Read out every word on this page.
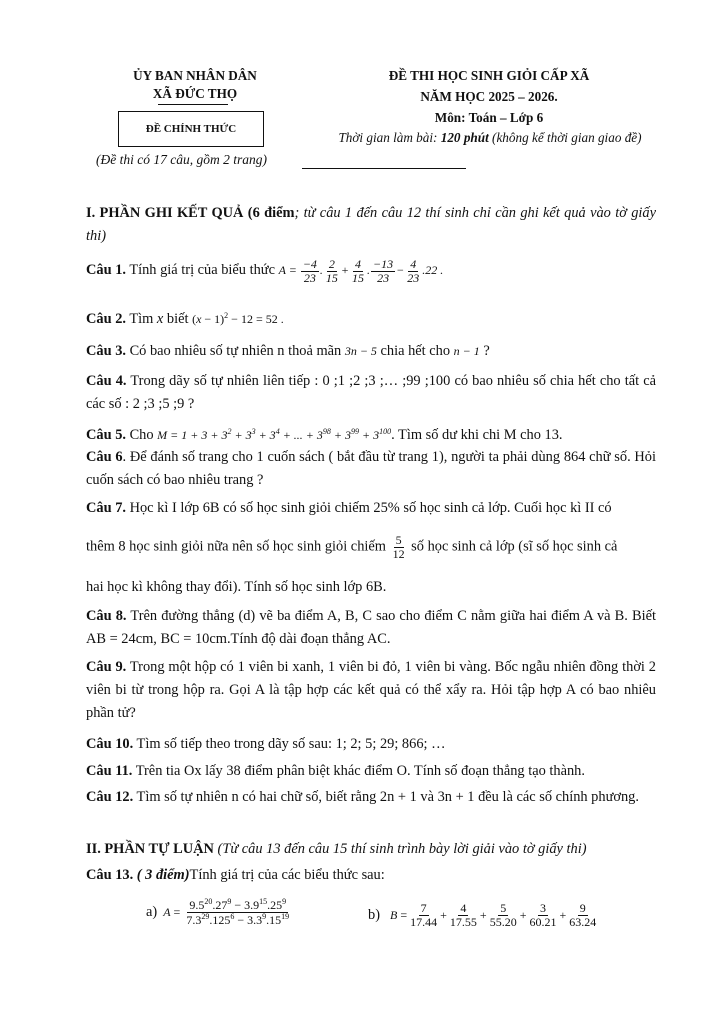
ỦY BAN NHÂN DÂN
XÃ ĐỨC THỌ
ĐỀ CHÍNH THỨC
(Đề thi có 17 câu, gồm 2 trang)
ĐỀ THI HỌC SINH GIỎI CẤP XÃ
NĂM HỌC 2025 – 2026.
Môn: Toán – Lớp 6
Thời gian làm bài: 120 phút (không kể thời gian giao đề)
I. PHẦN GHI KẾT QUẢ (6 điểm; từ câu 1 đến câu 12 thí sinh chỉ cần ghi kết quả vào tờ giấy thi)
Câu 1. Tính giá trị của biểu thức $A = \frac{-4}{23}$ . $\frac{2}{15} + \frac{4}{15}$ . $\frac{-13}{23} - \frac{4}{23} .22$ .
Câu 2. Tìm x biết $(x - 1)^2 - 12 = 52$ .
Câu 3. Có bao nhiêu số tự nhiên n thoả mãn 3n − 5 chia hết cho n − 1 ?
Câu 4. Trong dãy số tự nhiên liên tiếp : 0 ;1 ;2 ;3 ;… ;99 ;100 có bao nhiêu số chia hết cho tất cả các số : 2 ;3 ;5 ;9 ?
Câu 5. Cho $M = 1 + 3 + 3^2 + 3^3 + 3^4$ + ... + $3^{98} + 3^{99} + 3^{100}$. Tìm số dư khi chi M cho 13.
Câu 6. Để đánh số trang cho 1 cuốn sách ( bắt đầu từ trang 1), người ta phải dùng 864 chữ số. Hỏi cuốn sách có bao nhiêu trang ?
Câu 7. Học kì I lớp 6B có số học sinh giỏi chiếm 25% số học sinh cả lớp. Cuối học kì II có
thêm 8 học sinh giỏi nữa nên số học sinh giỏi chiếm $\frac{5}{12}$ số học sinh cả lớp (sĩ số học sinh cả
hai học kì không thay đổi). Tính số học sinh lớp 6B.
Câu 8. Trên đường thẳng (d) vẽ ba điểm A, B, C sao cho điểm C nằm giữa hai điểm A và B. Biết AB = 24cm, BC = 10cm.Tính độ dài đoạn thẳng AC.
Câu 9. Trong một hộp có 1 viên bi xanh, 1 viên bi đỏ, 1 viên bi vàng. Bốc ngẫu nhiên đồng thời 2 viên bi từ trong hộp ra. Gọi A là tập hợp các kết quả có thể xẩy ra. Hỏi tập hợp A có bao nhiêu phần tử?
Câu 10. Tìm số tiếp theo trong dãy số sau: 1; 2; 5; 29; 866; …
Câu 11. Trên tia Ox lấy 38 điểm phân biệt khác điểm O. Tính số đoạn thẳng tạo thành.
Câu 12. Tìm số tự nhiên n có hai chữ số, biết rằng 2n + 1 và 3n + 1 đều là các số chính phương.
II. PHẦN TỰ LUẬN (Từ câu 13 đến câu 15 thí sinh trình bày lời giải vào tờ giấy thi)
Câu 13. ( 3 điểm)Tính giá trị của các biểu thức sau:
a) $A = \frac{9.5^{20}.27^9 - 3.9^{15}.25^9}{7.3^{29}.125^6 - 3.3^9.15^{19}}$	b) $B = \frac{7}{17.44} + \frac{4}{17.55} + \frac{5}{55.20} + \frac{3}{60.21} + \frac{9}{63.24}$
